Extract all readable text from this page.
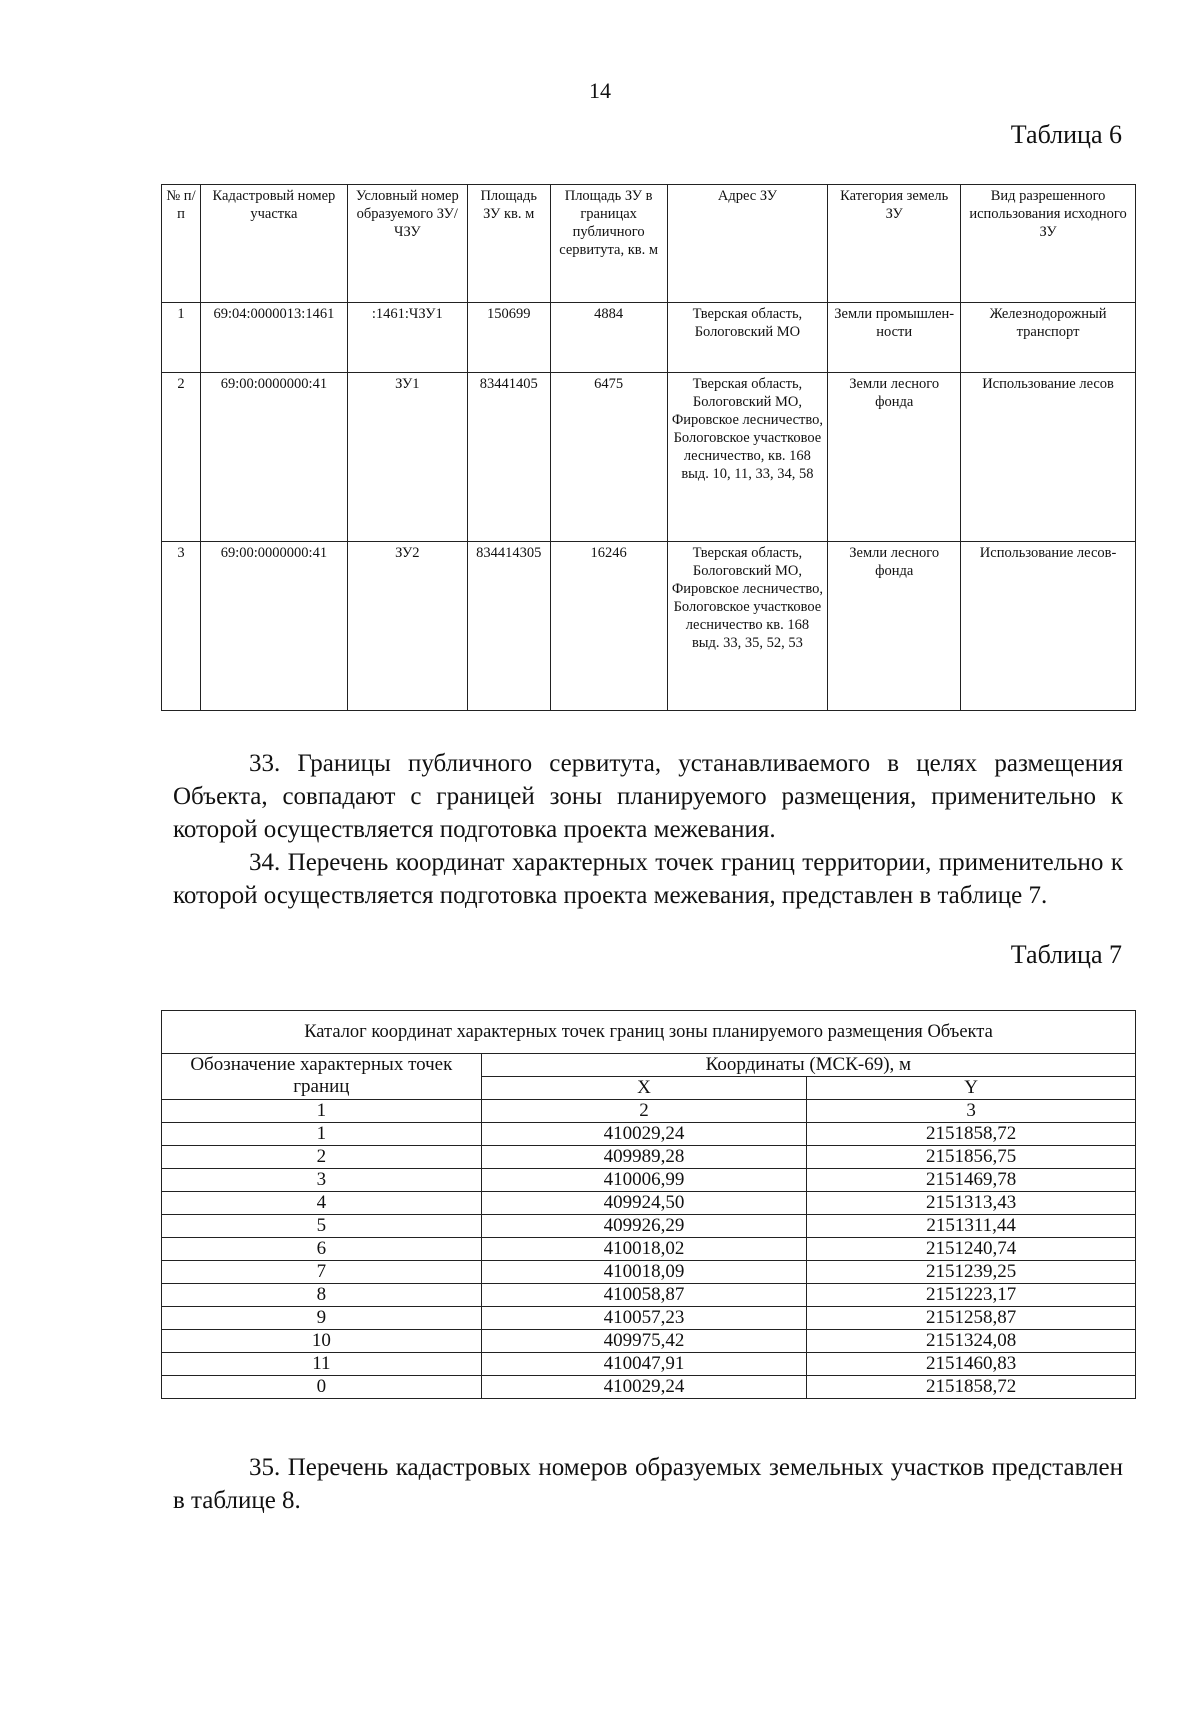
14
Таблица 6
№ п/п	Кадастровый номер участка	Условный номер образуемого ЗУ/ЧЗУ	Площадь ЗУ кв. м	Площадь ЗУ в границах публичного сервитута, кв. м	Адрес ЗУ	Категория земель ЗУ	Вид разрешенного использования исходного ЗУ
1	69:04:0000013:1461	:1461:ЧЗУ1	150699	4884	Тверская область, Бологовский МО	Земли промышлен-ности	Железнодорожный транспорт
2	69:00:0000000:41	ЗУ1	83441405	6475	Тверская область, Бологовский МО, Фировское лесничество, Бологовское участковое лесничество, кв. 168 выд. 10, 11, 33, 34, 58	Земли лесного фонда	Использование лесов
3	69:00:0000000:41	ЗУ2	834414305	16246	Тверская область, Бологовский МО, Фировское лесничество, Бологовское участковое лесничество кв. 168 выд. 33, 35, 52, 53	Земли лесного фонда	Использование лесов-
33. Границы публичного сервитута, устанавливаемого в целях размещения Объекта, совпадают с границей зоны планируемого размещения, применительно к которой осуществляется подготовка проекта межевания.
34. Перечень координат характерных точек границ территории, применительно к которой осуществляется подготовка проекта межевания, представлен в таблице 7.
Таблица 7
Каталог координат характерных точек границ зоны планируемого размещения Объекта		
Обозначение характерных точек границ	Координаты (МСК-69), м	
	X	Y
1	2	3
1	410029,24	2151858,72
2	409989,28	2151856,75
3	410006,99	2151469,78
4	409924,50	2151313,43
5	409926,29	2151311,44
6	410018,02	2151240,74
7	410018,09	2151239,25
8	410058,87	2151223,17
9	410057,23	2151258,87
10	409975,42	2151324,08
11	410047,91	2151460,83
0	410029,24	2151858,72
35. Перечень кадастровых номеров образуемых земельных участков представлен в таблице 8.
